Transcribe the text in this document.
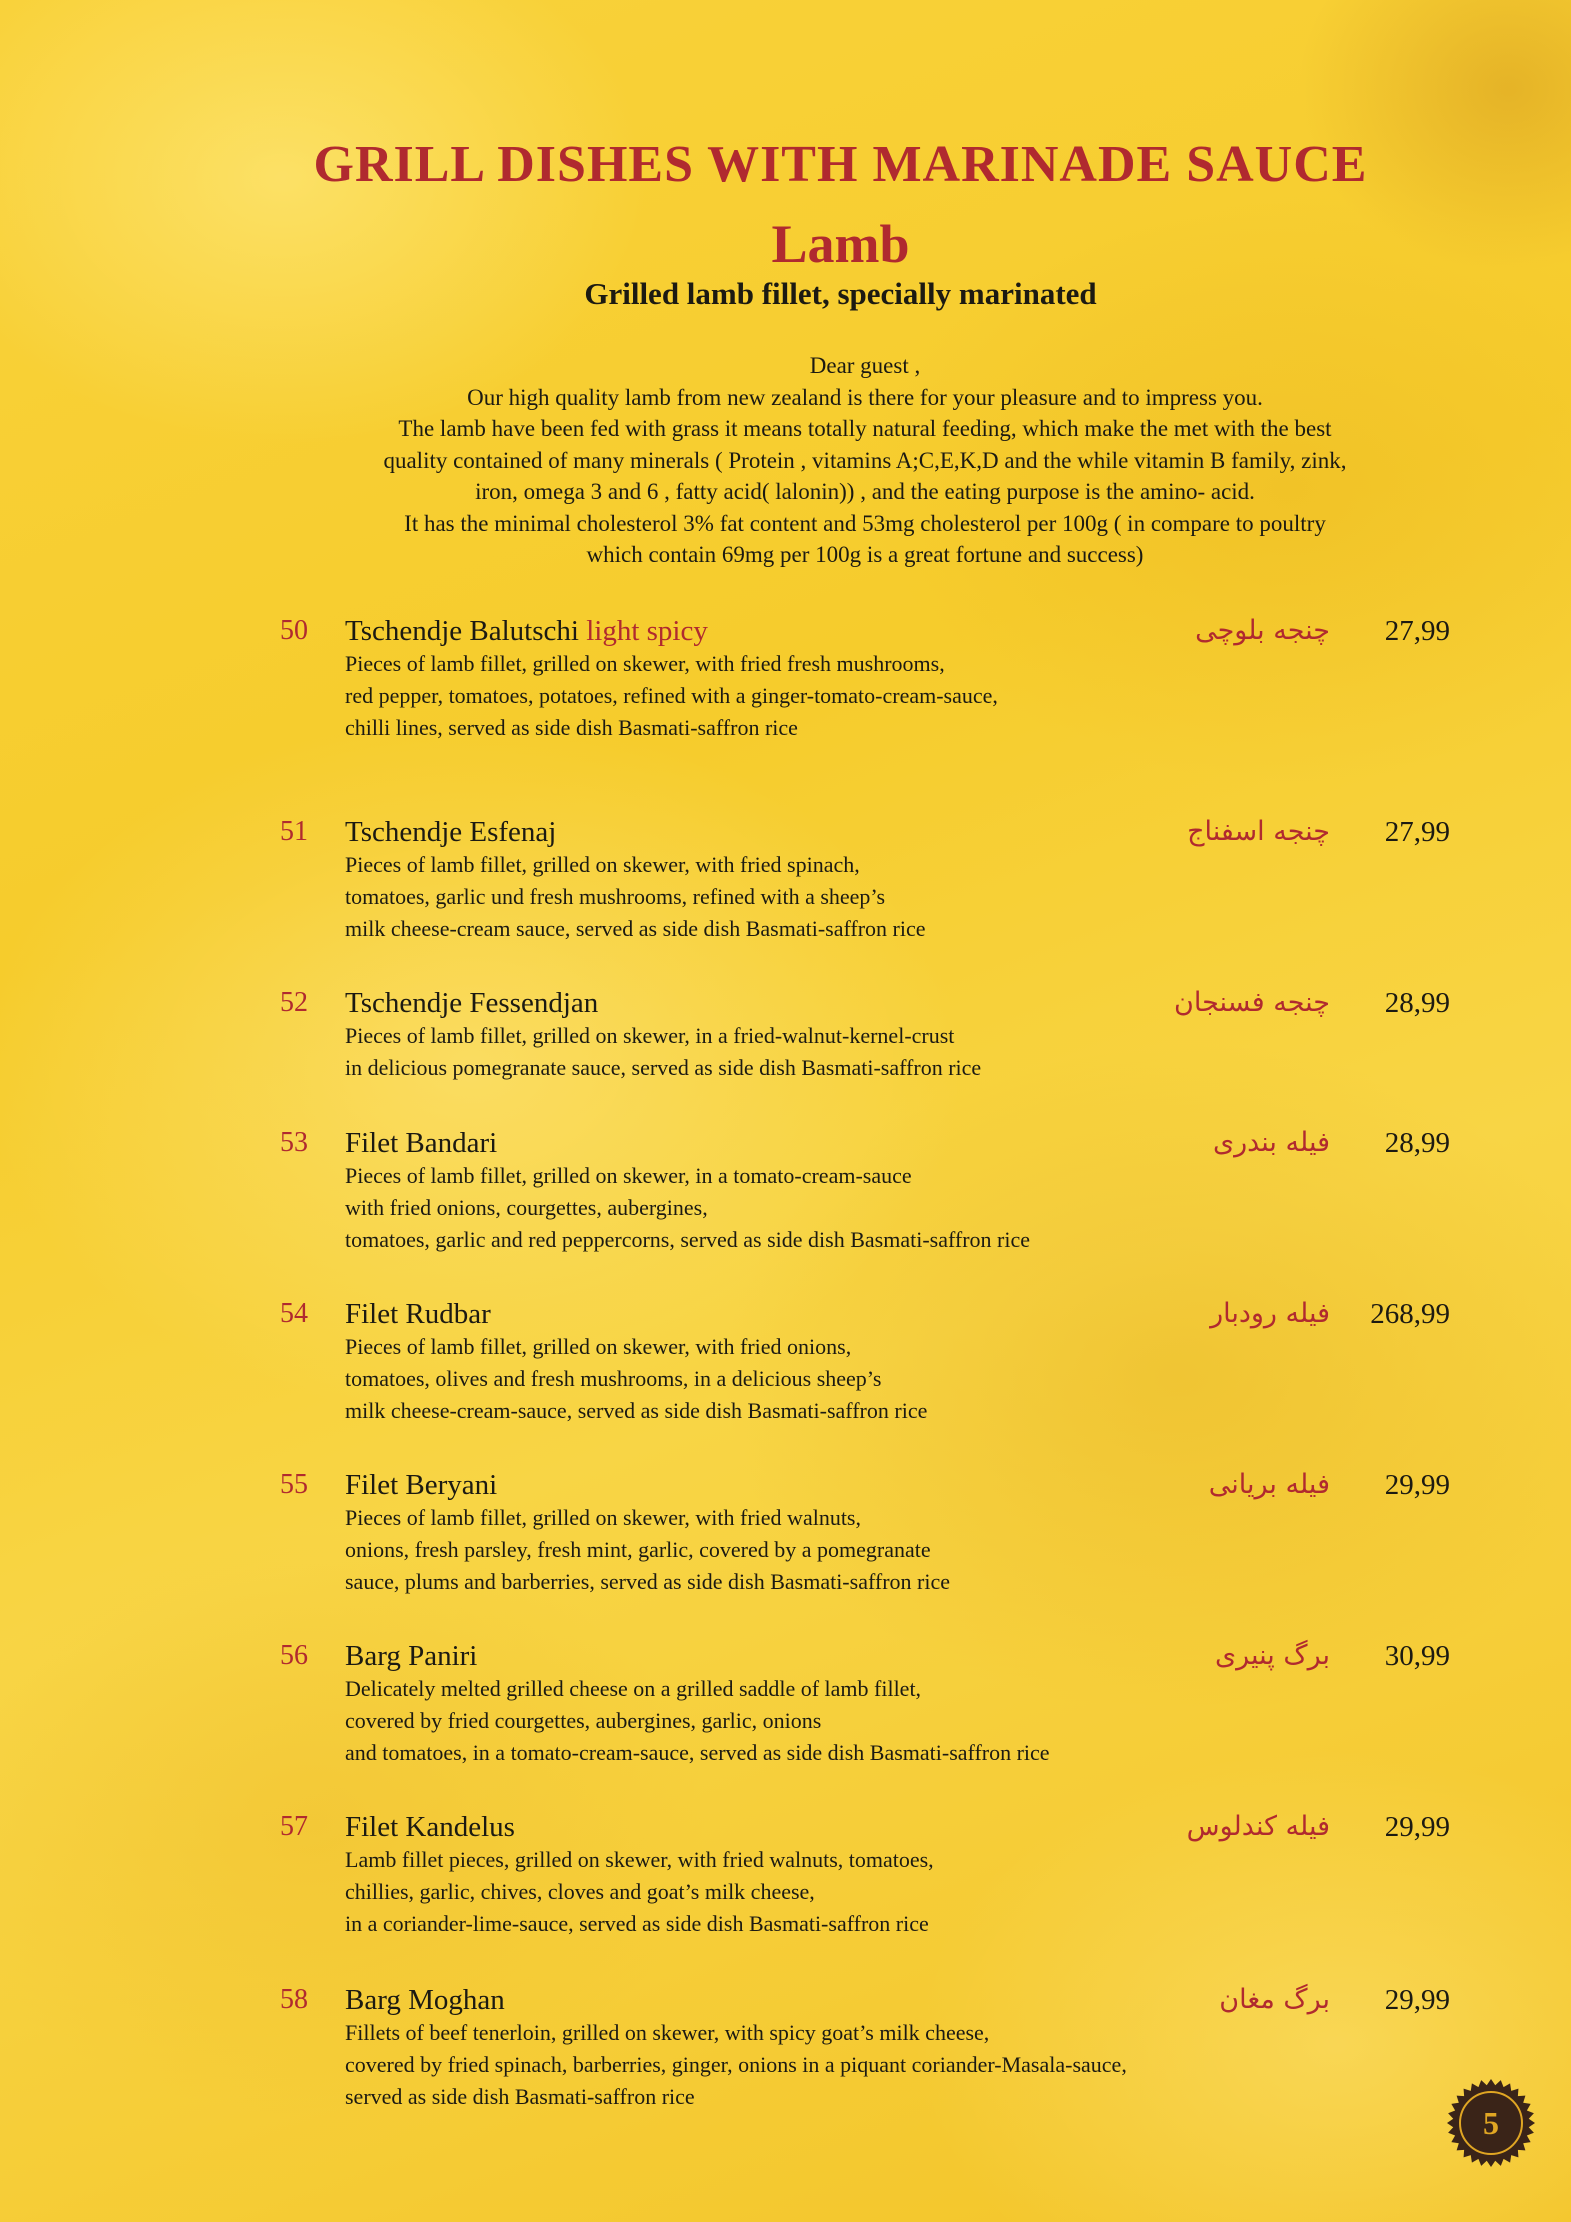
GRILL DISHES WITH MARINADE SAUCE
Lamb
Grilled lamb fillet, specially marinated
Dear guest ,
Our high quality lamb from new zealand is there for your pleasure and to impress you.
The lamb have been fed with grass it means totally natural feeding, which make the met with the best
quality contained of many minerals ( Protein , vitamins A;C,E,K,D and the while vitamin B family, zink,
iron, omega 3 and 6 , fatty acid( lalonin)) , and the eating purpose is the amino- acid.
It has the minimal cholesterol 3% fat content and 53mg cholesterol per 100g ( in compare to poultry
which contain 69mg per 100g is a great fortune and success)
50 Tschendje Balutschi light spicy	چنجه بلوچی 27,99
Pieces of lamb fillet, grilled on skewer, with fried fresh mushrooms,
red pepper, tomatoes, potatoes, refined with a ginger-tomato-cream-sauce,
chilli lines, served as side dish Basmati-saffron rice
51 Tschendje Esfenaj	چنجه اسفناج 27,99
Pieces of lamb fillet, grilled on skewer, with fried spinach,
tomatoes, garlic und fresh mushrooms, refined with a sheep’s
milk cheese-cream sauce, served as side dish Basmati-saffron rice
52 Tschendje Fessendjan	چنجه فسنجان 28,99
Pieces of lamb fillet, grilled on skewer, in a fried-walnut-kernel-crust
in delicious pomegranate sauce, served as side dish Basmati-saffron rice
53 Filet Bandari	فیله بندری 28,99
Pieces of lamb fillet, grilled on skewer, in a tomato-cream-sauce
with fried onions, courgettes, aubergines,
tomatoes, garlic and red peppercorns, served as side dish Basmati-saffron rice
54 Filet Rudbar	فیله رودبار 268,99
Pieces of lamb fillet, grilled on skewer, with fried onions,
tomatoes, olives and fresh mushrooms, in a delicious sheep’s
milk cheese-cream-sauce, served as side dish Basmati-saffron rice
55 Filet Beryani	فیله بریانی 29,99
Pieces of lamb fillet, grilled on skewer, with fried walnuts,
onions, fresh parsley, fresh mint, garlic, covered by a pomegranate
sauce, plums and barberries, served as side dish Basmati-saffron rice
56 Barg Paniri	برگ پنیری 30,99
Delicately melted grilled cheese on a grilled saddle of lamb fillet,
covered by fried courgettes, aubergines, garlic, onions
and tomatoes, in a tomato-cream-sauce, served as side dish Basmati-saffron rice
57 Filet Kandelus	فیله کندلوس 29,99
Lamb fillet pieces, grilled on skewer, with fried walnuts, tomatoes,
chillies, garlic, chives, cloves and goat’s milk cheese,
in a coriander-lime-sauce, served as side dish Basmati-saffron rice
58 Barg Moghan	برگ مغان 29,99
Fillets of beef tenerloin, grilled on skewer, with spicy goat’s milk cheese,
covered by fried spinach, barberries, ginger, onions in a piquant coriander-Masala-sauce,
served as side dish Basmati-saffron rice
5
